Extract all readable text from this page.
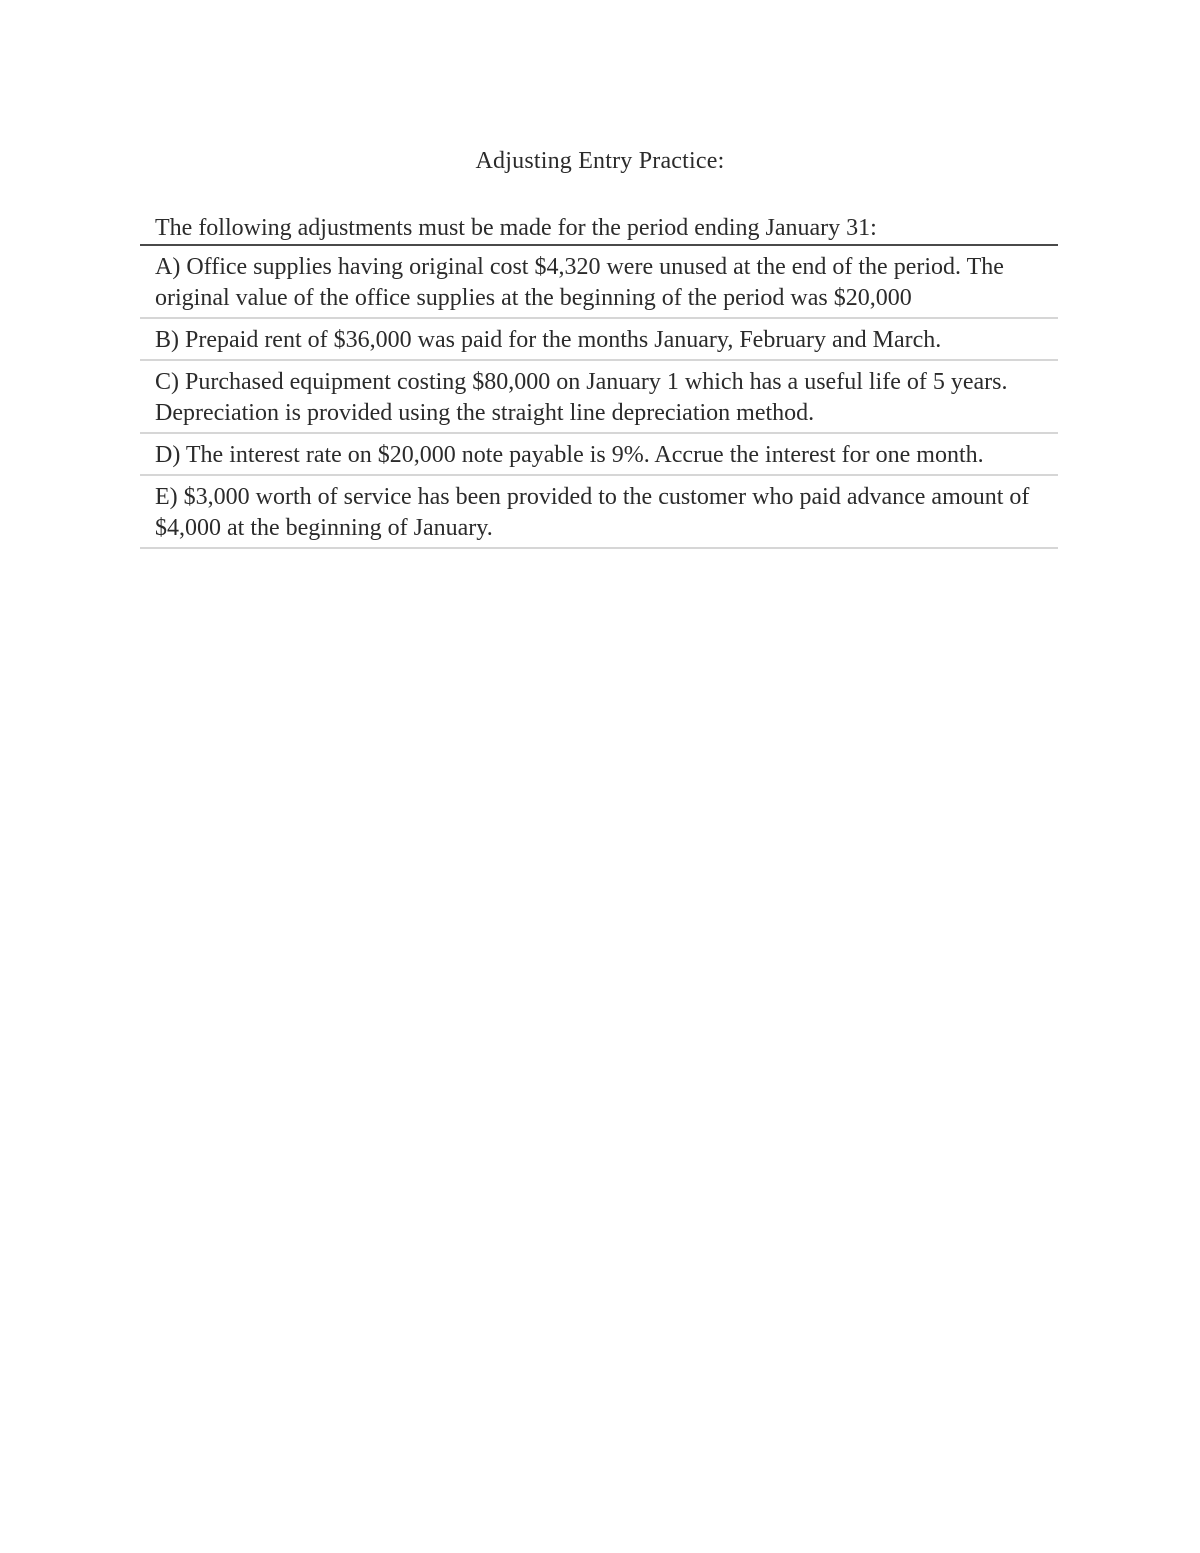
Adjusting Entry Practice:

The following adjustments must be made for the period ending January 31:

A) Office supplies having original cost $4,320 were unused at the end of the period. The original value of the office supplies at the beginning of the period was $20,000
B) Prepaid rent of $36,000 was paid for the months January, February and March.
C) Purchased equipment costing $80,000 on January 1 which has a useful life of 5 years. Depreciation is provided using the straight line depreciation method.
D) The interest rate on $20,000 note payable is 9%. Accrue the interest for one month.
E) $3,000 worth of service has been provided to the customer who paid advance amount of $4,000 at the beginning of January.
